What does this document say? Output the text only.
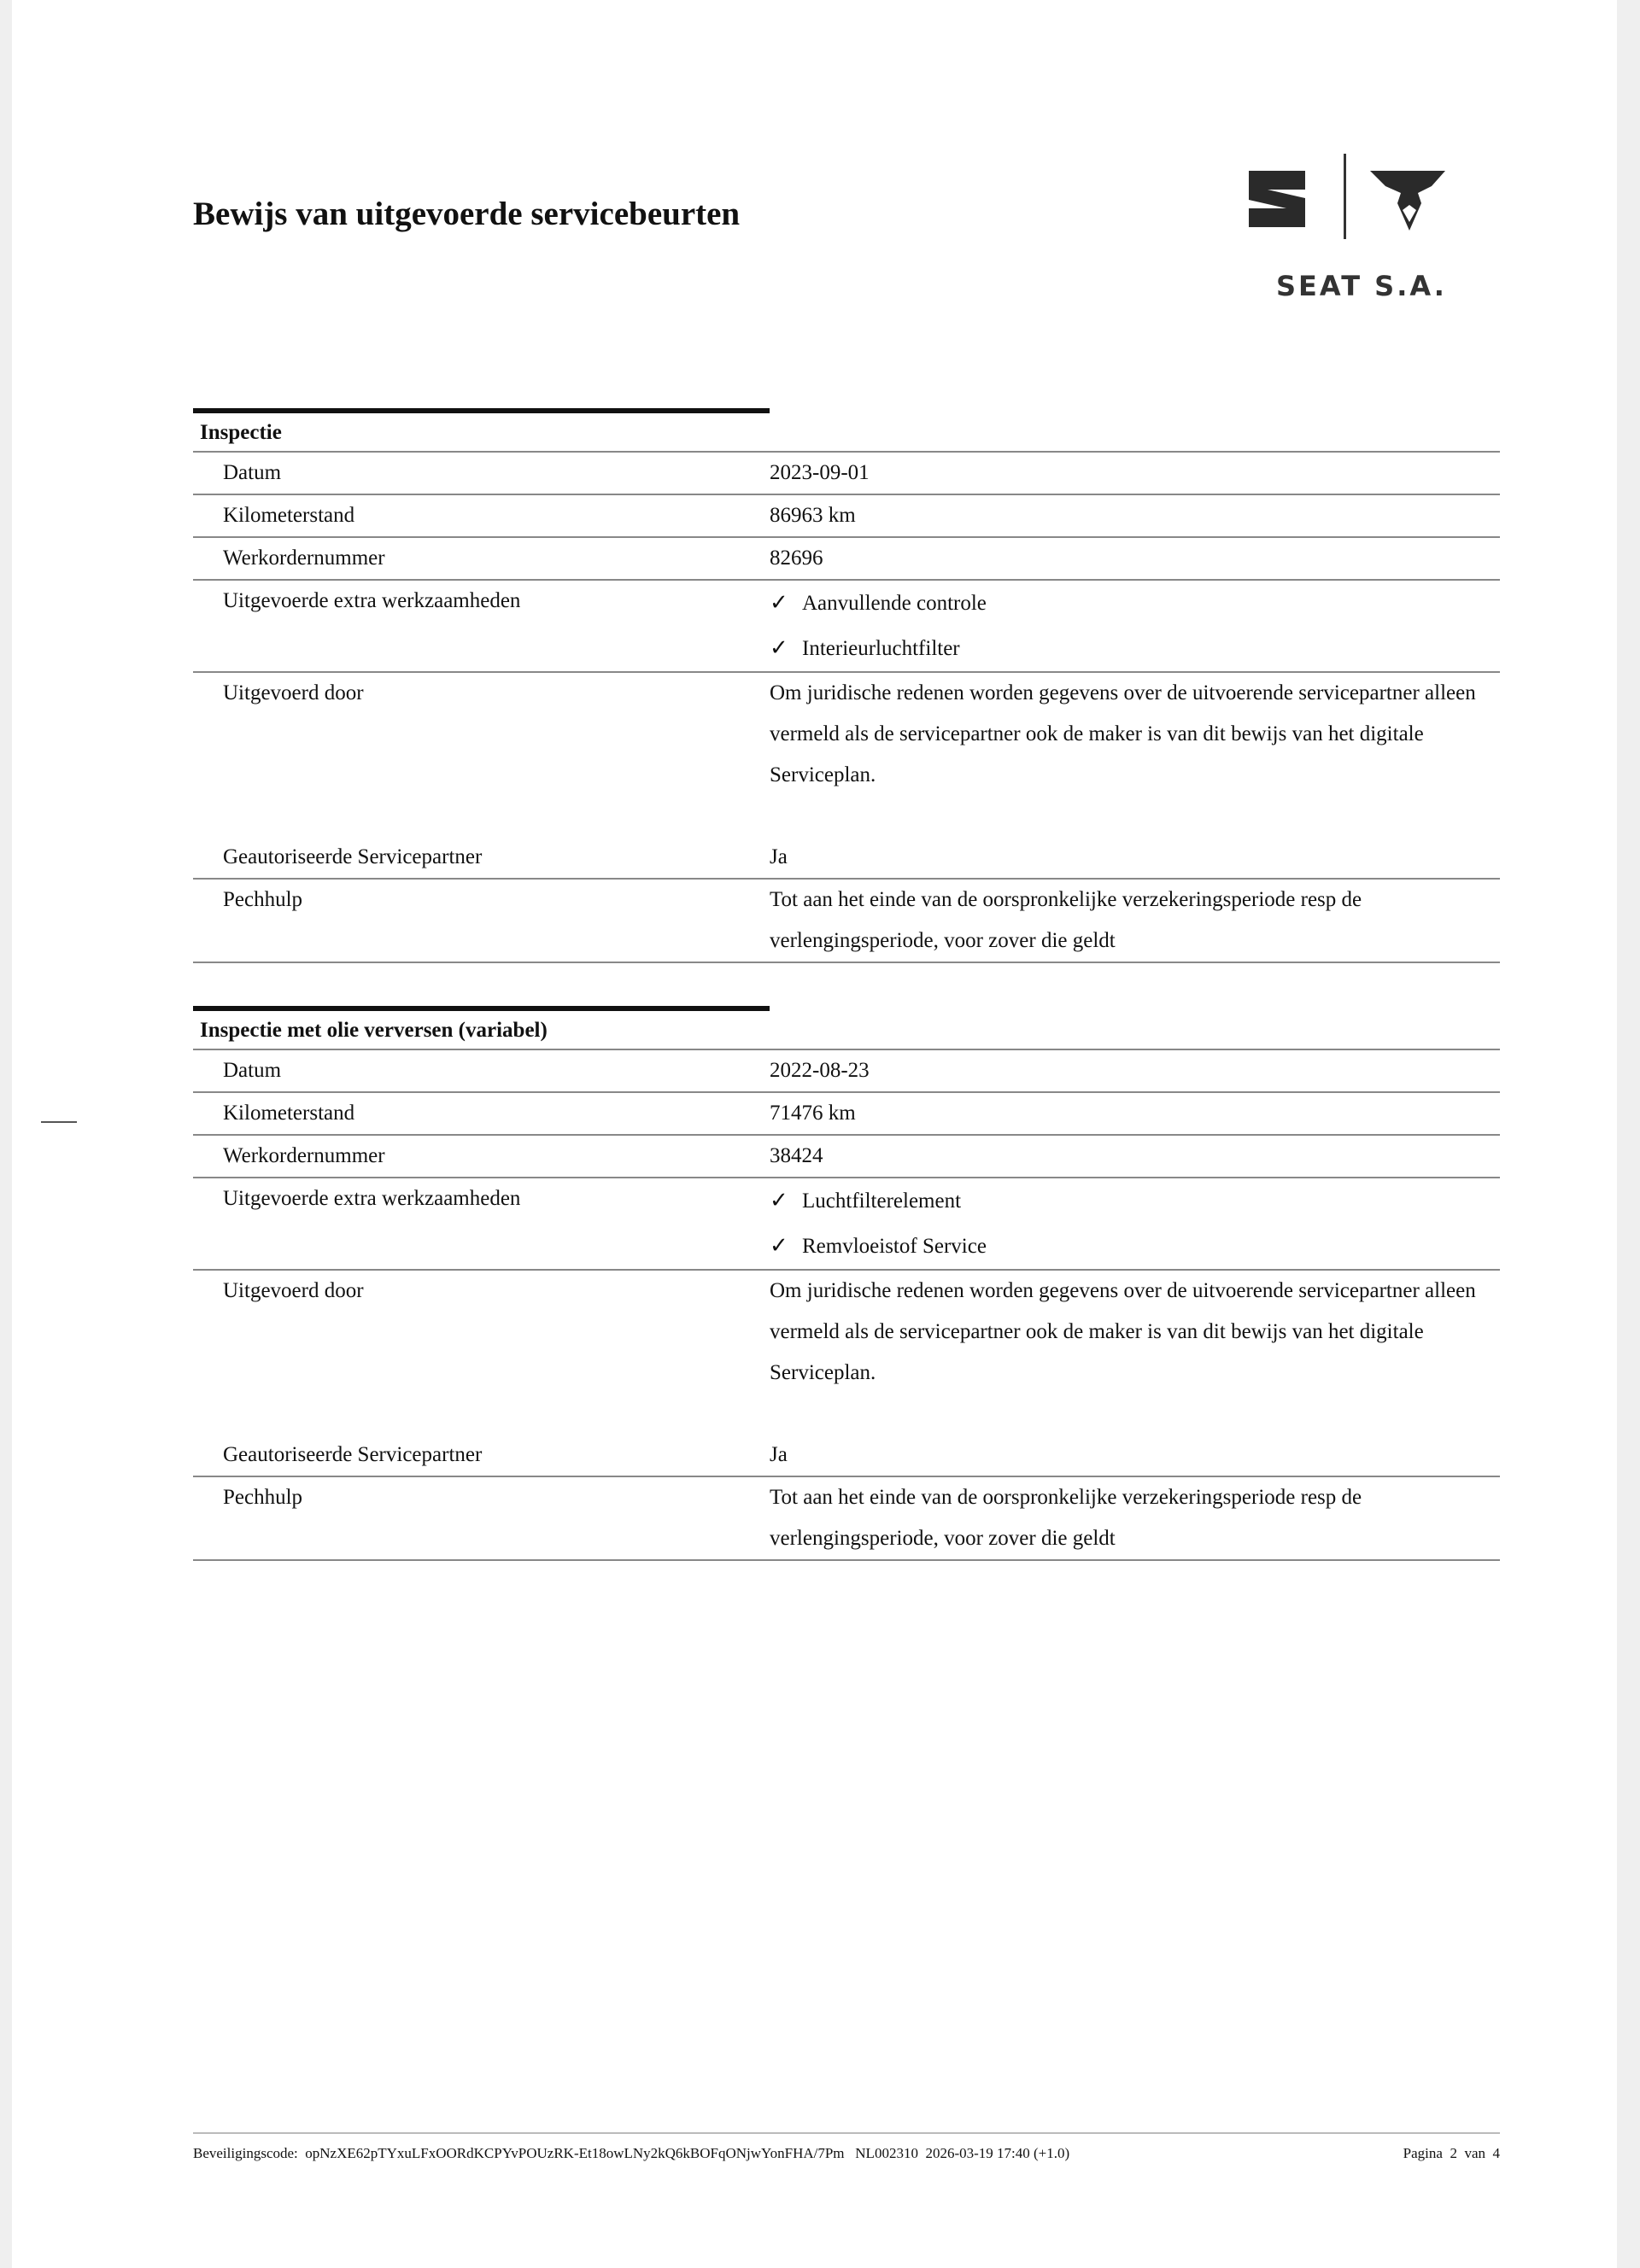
Bewijs van uitgevoerde servicebeurten
SEAT S.A.
Inspectie
Datum	2023-09-01
Kilometerstand	86963 km
Werkordernummer	82696
Uitgevoerde extra werkzaamheden	✓ Aanvullende controle
✓ Interieurluchtfilter
Uitgevoerd door	Om juridische redenen worden gegevens over de uitvoerende servicepartner alleen vermeld als de servicepartner ook de maker is van dit bewijs van het digitale Serviceplan.
Geautoriseerde Servicepartner	Ja
Pechhulp	Tot aan het einde van de oorspronkelijke verzekeringsperiode resp de verlengingsperiode, voor zover die geldt
Inspectie met olie verversen (variabel)
Datum	2022-08-23
Kilometerstand	71476 km
Werkordernummer	38424
Uitgevoerde extra werkzaamheden	✓ Luchtfilterelement
✓ Remvloeistof Service
Uitgevoerd door	Om juridische redenen worden gegevens over de uitvoerende servicepartner alleen vermeld als de servicepartner ook de maker is van dit bewijs van het digitale Serviceplan.
Geautoriseerde Servicepartner	Ja
Pechhulp	Tot aan het einde van de oorspronkelijke verzekeringsperiode resp de verlengingsperiode, voor zover die geldt
Beveiligingscode:  opNzXE62pTYxuLFxOORdKCPYvPOUzRK-Et18owLNy2kQ6kBOFqONjwYonFHA/7Pm   NL002310  2026-03-19 17:40 (+1.0)	Pagina  2  van  4
